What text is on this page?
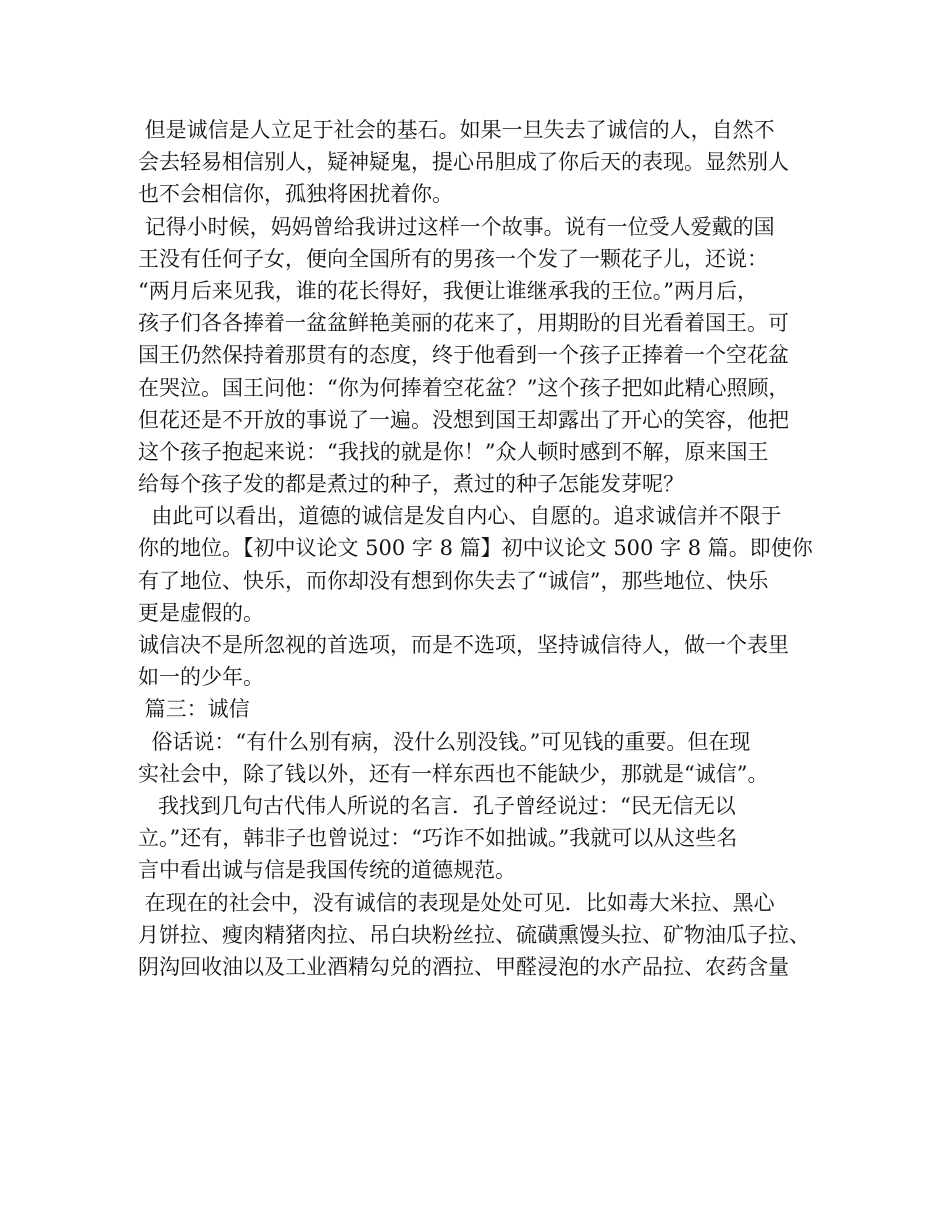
但是诚信是人立足于社会的基石。如果一旦失去了诚信的人，自然不
会去轻易相信别人，疑神疑鬼，提心吊胆成了你后天的表现。显然别人
也不会相信你，孤独将困扰着你。
记得小时候，妈妈曾给我讲过这样一个故事。说有一位受人爱戴的国
王没有任何子女，便向全国所有的男孩一个发了一颗花子儿，还说：
“两月后来见我，谁的花长得好，我便让谁继承我的王位。”两月后，
孩子们各各捧着一盆盆鲜艳美丽的花来了，用期盼的目光看着国王。可
国王仍然保持着那贯有的态度，终于他看到一个孩子正捧着一个空花盆
在哭泣。国王问他：“你为何捧着空花盆？”这个孩子把如此精心照顾，
但花还是不开放的事说了一遍。没想到国王却露出了开心的笑容，他把
这个孩子抱起来说：“我找的就是你！”众人顿时感到不解，原来国王
给每个孩子发的都是煮过的种子，煮过的种子怎能发芽呢？
由此可以看出，道德的诚信是发自内心、自愿的。追求诚信并不限于
你的地位。【初中议论文 500 字 8 篇】初中议论文 500 字 8 篇。即使你
有了地位、快乐，而你却没有想到你失去了“诚信”，那些地位、快乐
更是虚假的。
诚信决不是所忽视的首选项，而是不选项，坚持诚信待人，做一个表里
如一的少年。
篇三：诚信
俗话说：“有什么别有病，没什么别没钱。”可见钱的重要。但在现
实社会中，除了钱以外，还有一样东西也不能缺少，那就是“诚信”。
我找到几句古代伟人所说的名言．孔子曾经说过：“民无信无以
立。”还有，韩非子也曾说过：“巧诈不如拙诚。”我就可以从这些名
言中看出诚与信是我国传统的道德规范。
在现在的社会中，没有诚信的表现是处处可见．比如毒大米拉、黑心
月饼拉、瘦肉精猪肉拉、吊白块粉丝拉、硫磺熏馒头拉、矿物油瓜子拉、
阴沟回收油以及工业酒精勾兑的酒拉、甲醛浸泡的水产品拉、农药含量
